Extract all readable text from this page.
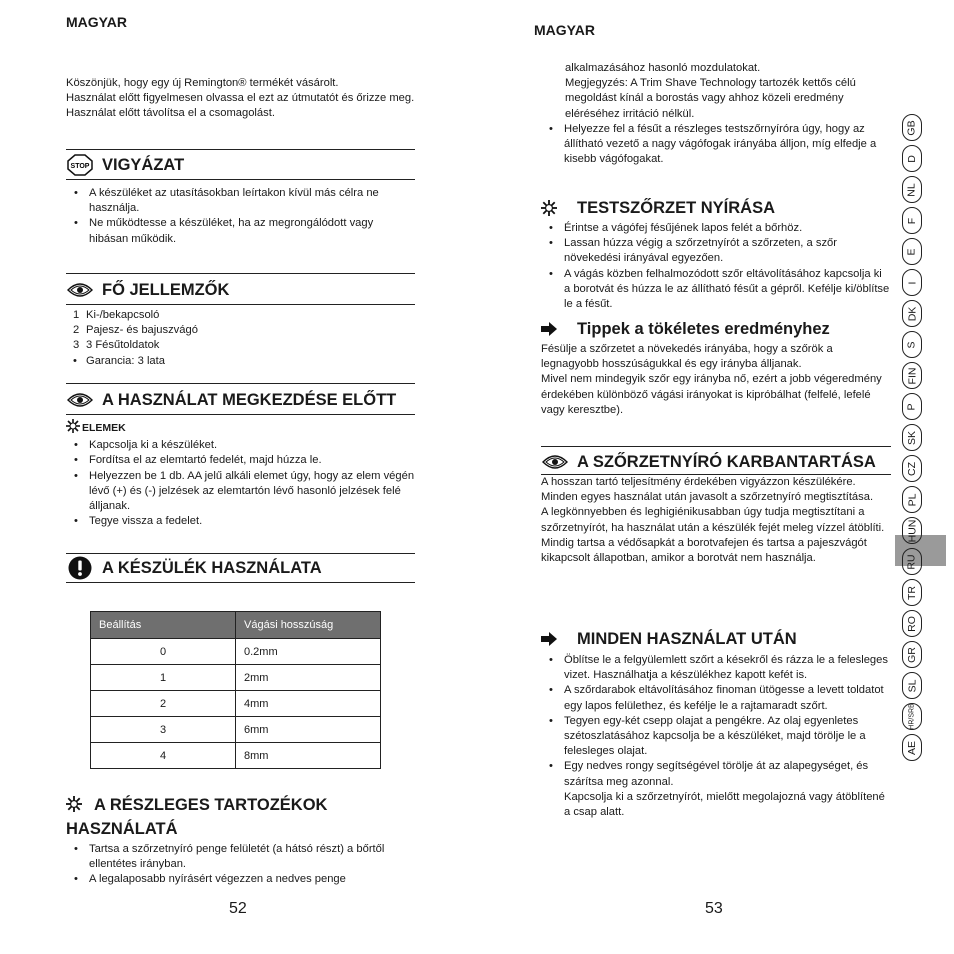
MAGYAR

Köszönjük, hogy egy új Remington® termékét vásárolt.
Használat előtt figyelmesen olvassa el ezt az útmutatót és őrizze meg. Használat előtt távolítsa el a csomagolást.

STOP VIGYÁZAT
• A készüléket az utasításokban leírtakon kívül más célra ne használja.
• Ne működtesse a készüléket, ha az megrongálódott vagy hibásan működik.
FŐ JELLEMZŐK
1 Ki-/bekapcsoló
2 Pajesz- és bajuszvágó
3 3 Fésűtoldatok
• Garancia: 3 lata
A HASZNÁLAT MEGKEZDÉSE ELŐTT
ELEMEK
• Kapcsolja ki a készüléket.
• Fordítsa el az elemtartó fedelét, majd húzza le.
• Helyezzen be 1 db. AA jelű alkáli elemet úgy, hogy az elem végén lévő (+) és (-) jelzések az elemtartón lévő hasonló jelzések felé álljanak.
• Tegye vissza a fedelet.
A KÉSZÜLÉK HASZNÁLATA
Beállítás	Vágási hosszúság
0	0.2mm
1	2mm
2	4mm
3	6mm
4	8mm
A RÉSZLEGES TARTOZÉKOK HASZNÁLATÁ
• Tartsa a szőrzetnyíró penge felületét (a hátsó részt) a bőrtől ellentétes irányban.
• A legalaposabb nyírásért végezzen a nedves penge
52
MAGYAR

alkalmazásához hasonló mozdulatokat.
Megjegyzés: A Trim Shave Technology tartozék kettős célú megoldást kínál a borostás vagy ahhoz közeli eredmény eléréséhez irritáció nélkül.

• Helyezze fel a fésűt a részleges testszőrnyíróra úgy, hogy az állítható vezető a nagy vágófogak irányába álljon, míg elfedje a kisebb vágófogakat.
TESTSZŐRZET NYÍRÁSA
• Érintse a vágófej fésűjének lapos felét a bőrhöz.
• Lassan húzza végig a szőrzetnyírót a szőrzeten, a szőr növekedési irányával egyezően.
• A vágás közben felhalmozódott szőr eltávolításához kapcsolja ki a borotvát és húzza le az állítható fésűt a gépről. Kefélje ki/öblítse le a fésűt.
Tippek a tökéletes eredményhez

Fésülje a szőrzetet a növekedés irányába, hogy a szőrök a legnagyobb hosszúságukkal és egy irányba álljanak.
Mivel nem mindegyik szőr egy irányba nő, ezért a jobb végeredmény érdekében különböző vágási irányokat is kipróbálhat (felfelé, lefelé vagy keresztbe).

A SZŐRZETNYÍRÓ KARBANTARTÁSA

A hosszan tartó teljesítmény érdekében vigyázzon készülékére.
Minden egyes használat után javasolt a szőrzetnyíró megtisztítása.
A legkönnyebben és leghigiénikusabban úgy tudja megtisztítani a szőrzetnyírót, ha használat után a készülék fejét meleg vízzel átöblíti. Mindig tartsa a védősapkát a borotvafejen és tartsa a pajeszvágót kikapcsolt állapotban, amikor a borotvát nem használja.

MINDEN HASZNÁLAT UTÁN
• Öblítse le a felgyülemlett szőrt a késekről és rázza le a felesleges vizet. Használhatja a készülékhez kapott kefét is.
• A szőrdarabok eltávolításához finoman ütögesse a levett toldatot egy lapos felülethez, és kefélje le a rajtamaradt szőrt.
• Tegyen egy-két csepp olajat a pengékre. Az olaj egyenletes szétoszlatásához kapcsolja be a készüléket, majd törölje le a felesleges olajat.
• Egy nedves rongy segítségével törölje át az alapegységet, és szárítsa meg azonnal.

Kapcsolja ki a szőrzetnyírót, mielőtt megolajozná vagy átöblítené a csap alatt.

53
GB
D
NL
F
E
I
DK
S
FIN
P
SK
CZ
PL
HUN
RU
TR
RO
GR
SL
HR/SRB
AE
